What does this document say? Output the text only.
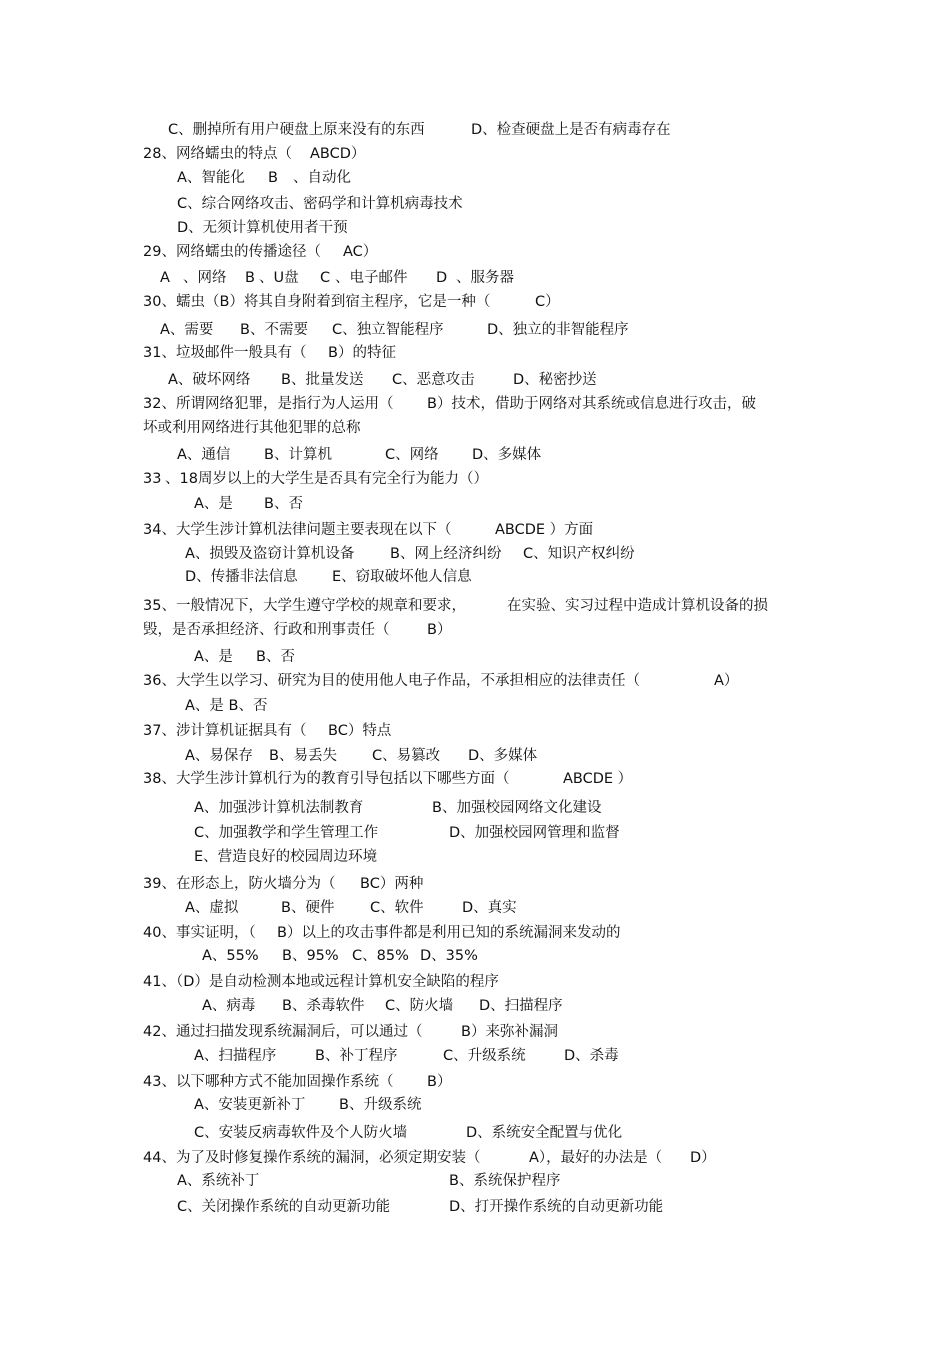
C、删掉所有用户硬盘上原来没有的东西	D、检查硬盘上是否有病毒存在
28、网络蠕虫的特点（ ABCD）
A、智能化 B 、自动化
C、综合网络攻击、密码学和计算机病毒技术
D、无须计算机使用者干预
29、网络蠕虫的传播途径（ AC）
A 、网络 B 、U盘 C 、电子邮件 D 、服务器
30、蠕虫（B）将其自身附着到宿主程序，它是一种（	C）
A、需要 B、不需要 C、独立智能程序	D、独立的非智能程序
31、垃圾邮件一般具有（ B）的特征
A、破坏网络 B、批量发送 C、恶意攻击	D、秘密抄送
32、所谓网络犯罪，是指行为人运用（ B）技术，借助于网络对其系统或信息进行攻击，破
坏或利用网络进行其他犯罪的总称
A、通信 B、计算机	C、网络 D、多媒体
33 、18周岁以上的大学生是否具有完全行为能力（）
A、是 B、否
34、大学生涉计算机法律问题主要表现在以下（	ABCDE ）方面
A、损毁及盗窃计算机设备 B、网上经济纠纷 C、知识产权纠纷
D、传播非法信息 E、窃取破坏他人信息
35、一般情况下，大学生遵守学校的规章和要求，	在实验、实习过程中造成计算机设备的损
毁，是否承担经济、行政和刑事责任（	B）
A、是 B、否
36、大学生以学习、研究为目的使用他人电子作品，不承担相应的法律责任（	A）
A、是 B、否
37、涉计算机证据具有（ BC）特点
A、易保存 B、易丢失 C、易篡改 D、多媒体
38、大学生涉计算机行为的教育引导包括以下哪些方面（	ABCDE ）
A、加强涉计算机法制教育	B、加强校园网络文化建设
C、加强教学和学生管理工作	D、加强校园网管理和监督
E、营造良好的校园周边环境
39、在形态上，防火墙分为（ BC）两种
A、虚拟	B、硬件 C、软件	D、真实
40、事实证明，（ B）以上的攻击事件都是利用已知的系统漏洞来发动的
A、55% B、95% C、85% D、35%
41、（D）是自动检测本地或远程计算机安全缺陷的程序
A、病毒 B、杀毒软件 C、防火墙 D、扫描程序
42、通过扫描发现系统漏洞后，可以通过（	B）来弥补漏洞
A、扫描程序	B、补丁程序	C、升级系统	D、杀毒
43、以下哪种方式不能加固操作系统（ B）
A、安装更新补丁 B、升级系统
C、安装反病毒软件及个人防火墙	D、系统安全配置与优化
44、为了及时修复操作系统的漏洞，必须定期安装（	A），最好的办法是（ D）
A、系统补丁	B、系统保护程序
C、关闭操作系统的自动更新功能	D、打开操作系统的自动更新功能
